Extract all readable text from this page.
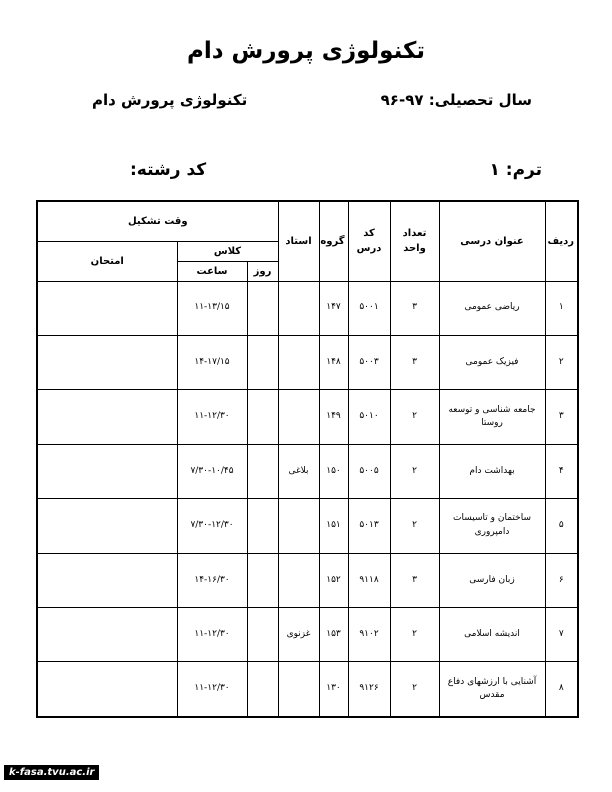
تکنولوژی پرورش دام
سال تحصیلی: ۹۷-۹۶
تکنولوژی پرورش دام
ترم: ۱
کد رشته:
ردیف	عنوان درسی	تعداد واحد	کد درس	گروه	استاد	وقت تشکیل		
						کلاس		امتحان
						روز	ساعت	
۱	ریاضی عمومی	۳	۵۰۰۱	۱۴۷			۱۱-۱۳/۱۵	
۲	فیزیک عمومی	۳	۵۰۰۳	۱۴۸			۱۴-۱۷/۱۵	
۳	جامعه شناسی و توسعه روستا	۲	۵۰۱۰	۱۴۹			۱۱-۱۲/۳۰	
۴	بهداشت دام	۲	۵۰۰۵	۱۵۰	بلاغی		۷/۳۰-۱۰/۴۵	
۵	ساختمان و تاسیسات دامپروری	۲	۵۰۱۳	۱۵۱			۷/۳۰-۱۲/۳۰	
۶	زبان فارسی	۳	۹۱۱۸	۱۵۲			۱۴-۱۶/۳۰	
۷	اندیشه اسلامی	۲	۹۱۰۲	۱۵۳	غزنوی		۱۱-۱۲/۳۰	
۸	آشنایی با ارزشهای دفاع مقدس	۲	۹۱۲۶	۱۳۰			۱۱-۱۲/۳۰	
k-fasa.tvu.ac.ir
